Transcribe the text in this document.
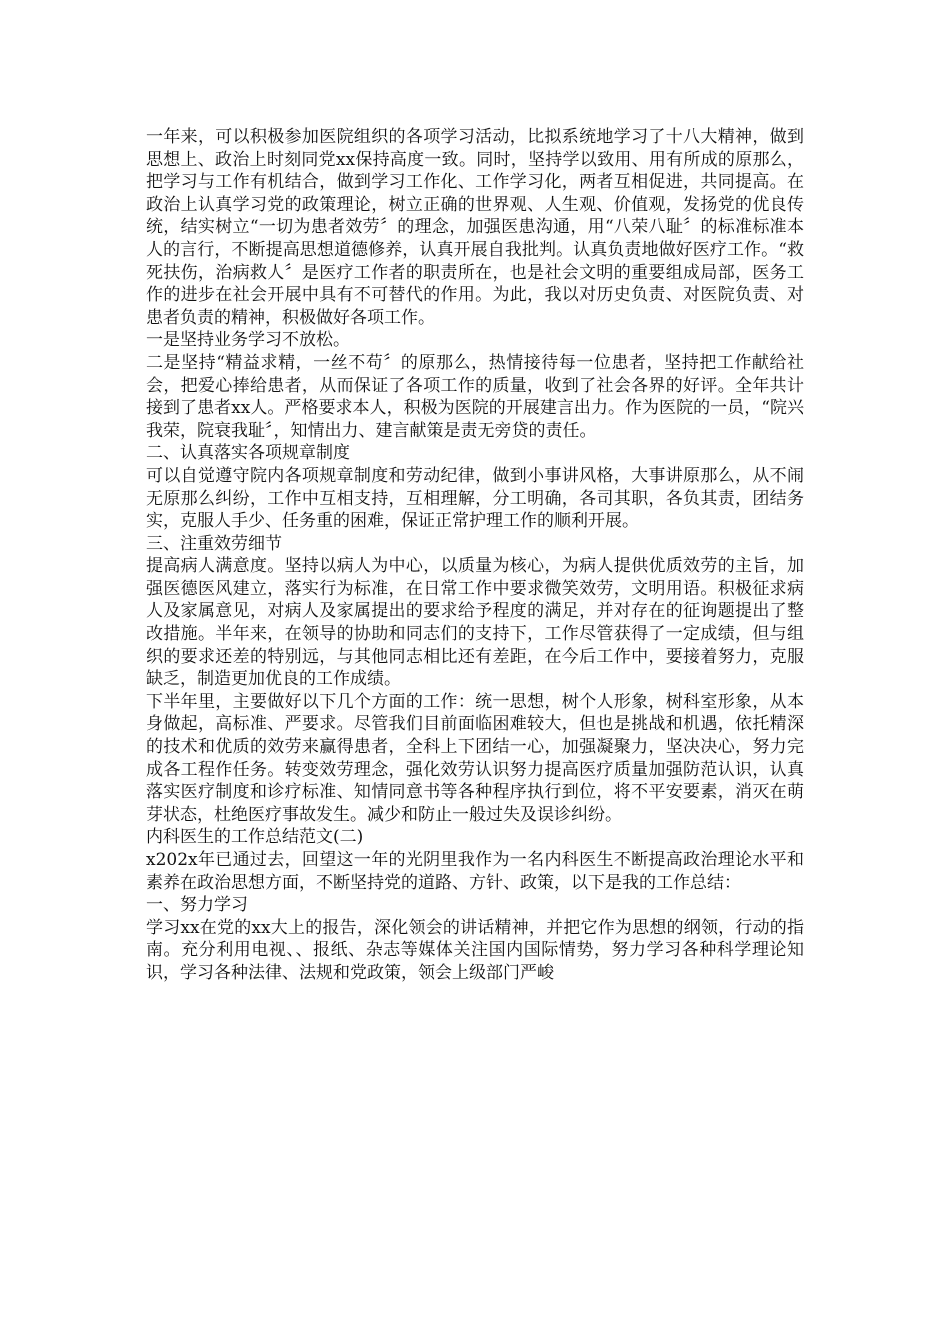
一年来，可以积极参加医院组织的各项学习活动，比拟系统地学习了十八大精神，做到思想上、政治上时刻同党xx保持高度一致。同时，坚持学以致用、用有所成的原那么，把学习与工作有机结合，做到学习工作化、工作学习化，两者互相促进，共同提高。在政治上认真学习党的政策理论，树立正确的世界观、人生观、价值观，发扬党的优良传统，结实树立“一切为患者效劳〞的理念，加强医患沟通，用“八荣八耻〞的标准标准本人的言行，不断提高思想道德修养，认真开展自我批判。认真负责地做好医疗工作。“救死扶伤，治病救人〞是医疗工作者的职责所在，也是社会文明的重要组成局部，医务工作的进步在社会开展中具有不可替代的作用。为此，我以对历史负责、对医院负责、对患者负责的精神，积极做好各项工作。

一是坚持业务学习不放松。

二是坚持“精益求精，一丝不苟〞的原那么，热情接待每一位患者，坚持把工作献给社会，把爱心捧给患者，从而保证了各项工作的质量，收到了社会各界的好评。全年共计接到了患者xx人。严格要求本人，积极为医院的开展建言出力。作为医院的一员，“院兴我荣，院衰我耻〞，知情出力、建言献策是责无旁贷的责任。

二、认真落实各项规章制度

可以自觉遵守院内各项规章制度和劳动纪律，做到小事讲风格，大事讲原那么，从不闹无原那么纠纷，工作中互相支持，互相理解，分工明确，各司其职，各负其责，团结务实，克服人手少、任务重的困难，保证正常护理工作的顺利开展。

三、注重效劳细节

提高病人满意度。坚持以病人为中心，以质量为核心，为病人提供优质效劳的主旨，加强医德医风建立，落实行为标准，在日常工作中要求微笑效劳，文明用语。积极征求病人及家属意见，对病人及家属提出的要求给予程度的满足，并对存在的征询题提出了整改措施。半年来，在领导的协助和同志们的支持下，工作尽管获得了一定成绩，但与组织的要求还差的特别远，与其他同志相比还有差距，在今后工作中，要接着努力，克服缺乏，制造更加优良的工作成绩。

下半年里，主要做好以下几个方面的工作：统一思想，树个人形象，树科室形象，从本身做起，高标准、严要求。尽管我们目前面临困难较大，但也是挑战和机遇，依托精深的技术和优质的效劳来赢得患者，全科上下团结一心，加强凝聚力，坚决决心，努力完成各工程作任务。转变效劳理念，强化效劳认识努力提高医疗质量加强防范认识，认真落实医疗制度和诊疗标准、知情同意书等各种程序执行到位，将不平安要素，消灭在萌芽状态，杜绝医疗事故发生。减少和防止一般过失及误诊纠纷。

内科医生的工作总结范文(二)

x202x年已通过去，回望这一年的光阴里我作为一名内科医生不断提高政治理论水平和素养在政治思想方面，不断坚持党的道路、方针、政策，以下是我的工作总结：

一、努力学习

学习xx在党的xx大上的报告，深化领会的讲话精神，并把它作为思想的纲领，行动的指南。充分利用电视、、报纸、杂志等媒体关注国内国际情势，努力学习各种科学理论知识，学习各种法律、法规和党政策，领会上级部门严峻
